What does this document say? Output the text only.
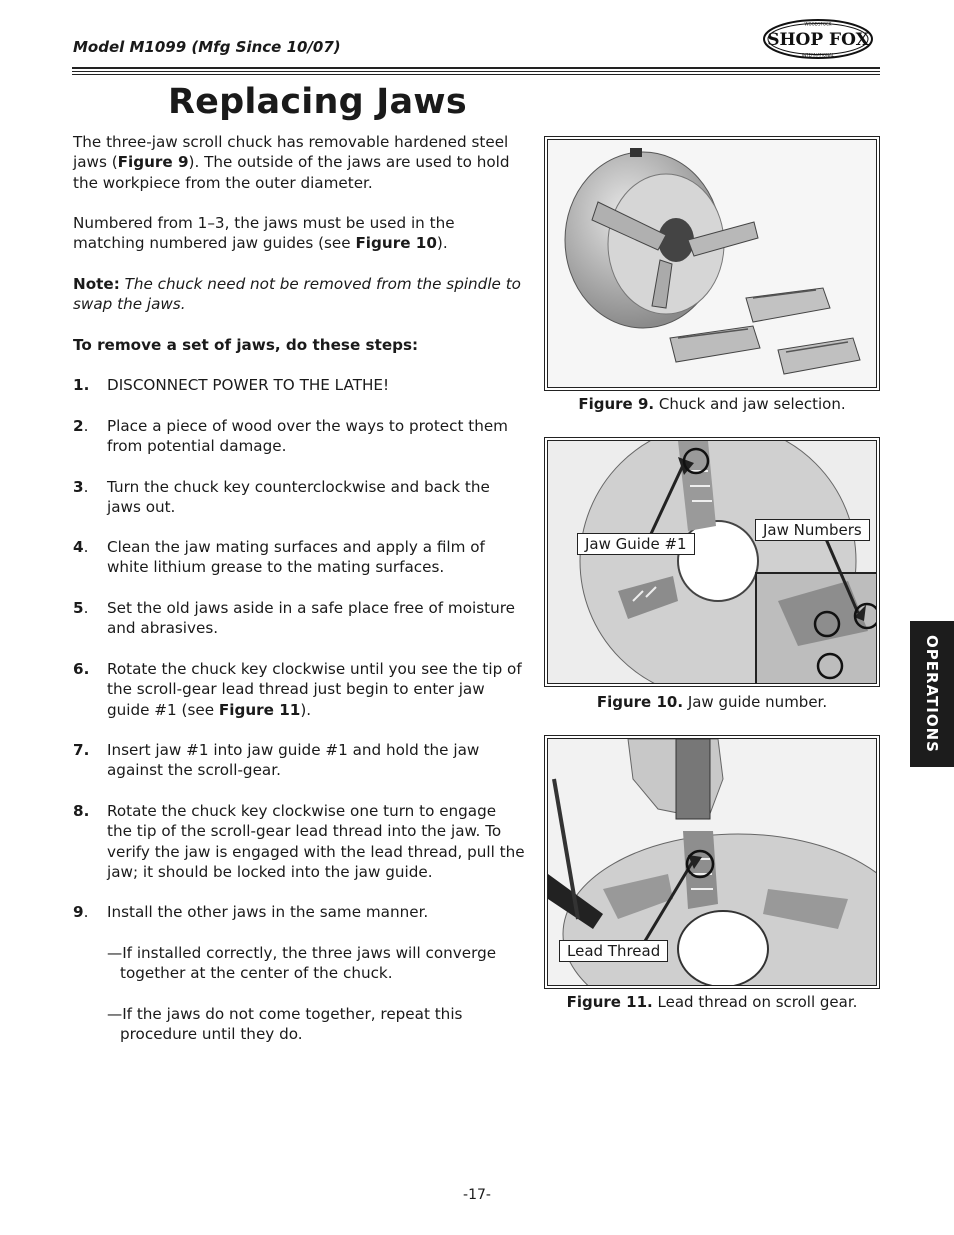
Model M1099 (Mfg Since 10/07)	SHOP FOX
WOODSTOCK
INTERNATIONAL
Replacing Jaws

The three-jaw scroll chuck has removable hardened steel jaws (Figure 9). The outside of the jaws are used to hold the workpiece from the outer diameter.

Numbered from 1–3, the jaws must be used in the matching numbered jaw guides (see Figure 10).

Note: The chuck need not be removed from the spindle to swap the jaws.

To remove a set of jaws, do these steps:
1. DISCONNECT POWER TO THE LATHE!
2. Place a piece of wood over the ways to protect them from potential damage.
3. Turn the chuck key counterclockwise and back the jaws out.
4. Clean the jaw mating surfaces and apply a film of white lithium grease to the mating surfaces.
5. Set the old jaws aside in a safe place free of moisture and abrasives.
6. Rotate the chuck key clockwise until you see the tip of the scroll-gear lead thread just begin to enter jaw guide #1 (see Figure 11).
7. Insert jaw #1 into jaw guide #1 and hold the jaw against the scroll-gear.
8. Rotate the chuck key clockwise one turn to engage the tip of the scroll-gear lead thread into the jaw. To verify the jaw is engaged with the lead thread, pull the jaw; it should be locked into the jaw guide.
9. Install the other jaws in the same manner.
—If installed correctly, the three jaws will converge together at the center of the chuck.
—If the jaws do not come together, repeat this procedure until they do.
Figure 9. Chuck and jaw selection.
Jaw Guide #1
Jaw Numbers
Figure 10. Jaw guide number.
Lead Thread
Figure 11. Lead thread on scroll gear.
OPERATIONS
-17-
